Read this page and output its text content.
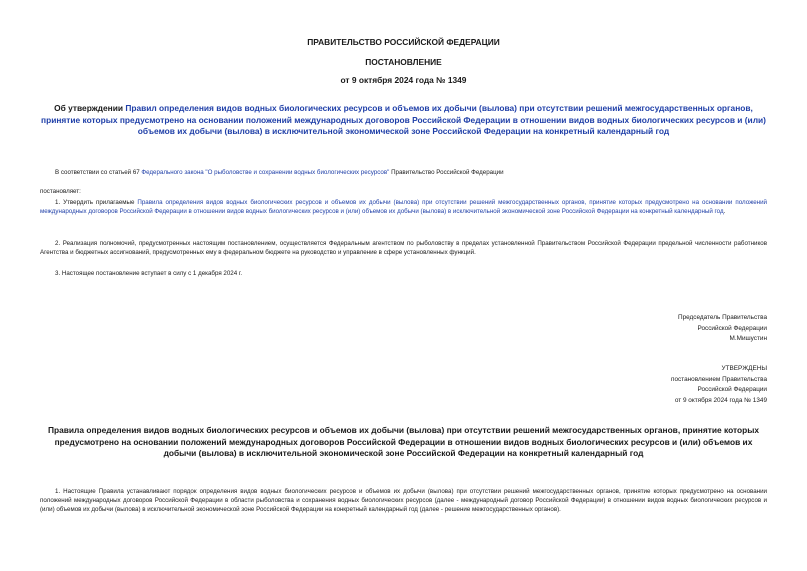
ПРАВИТЕЛЬСТВО РОССИЙСКОЙ ФЕДЕРАЦИИ
ПОСТАНОВЛЕНИЕ
от 9 октября 2024 года № 1349
Об утверждении Правил определения видов водных биологических ресурсов и объемов их добычи (вылова) при отсутствии решений межгосударственных органов, принятие которых предусмотрено на основании положений международных договоров Российской Федерации в отношении видов водных биологических ресурсов и (или) объемов их добычи (вылова) в исключительной экономической зоне Российской Федерации на конкретный календарный год
В соответствии со статьей 67 Федерального закона "О рыболовстве и сохранении водных биологических ресурсов" Правительство Российской Федерации
постановляет:
1. Утвердить прилагаемые Правила определения видов водных биологических ресурсов и объемов их добычи (вылова) при отсутствии решений межгосударственных органов, принятие которых предусмотрено на основании положений международных договоров Российской Федерации в отношении видов водных биологических ресурсов и (или) объемов их добычи (вылова) в исключительной экономической зоне Российской Федерации на конкретный календарный год.
2. Реализация полномочий, предусмотренных настоящим постановлением, осуществляется Федеральным агентством по рыболовству в пределах установленной Правительством Российской Федерации предельной численности работников Агентства и бюджетных ассигнований, предусмотренных ему в федеральном бюджете на руководство и управление в сфере установленных функций.
3. Настоящее постановление вступает в силу с 1 декабря 2024 г.
Председатель Правительства
Российской Федерации
М.Мишустин
УТВЕРЖДЕНЫ
постановлением Правительства
Российской Федерации
от 9 октября 2024 года № 1349
Правила определения видов водных биологических ресурсов и объемов их добычи (вылова) при отсутствии решений межгосударственных органов, принятие которых предусмотрено на основании положений международных договоров Российской Федерации в отношении видов водных биологических ресурсов и (или) объемов их добычи (вылова) в исключительной экономической зоне Российской Федерации на конкретный календарный год
1. Настоящие Правила устанавливают порядок определения видов водных биологических ресурсов и объемов их добычи (вылова) при отсутствии решений межгосударственных органов, принятие которых предусмотрено на основании положений международных договоров Российской Федерации в области рыболовства и сохранения водных биологических ресурсов (далее - международный договор Российской Федерации) в отношении видов водных биологических ресурсов и (или) объемов их добычи (вылова) в исключительной экономической зоне Российской Федерации на конкретный календарный год (далее - решение межгосударственных органов).
